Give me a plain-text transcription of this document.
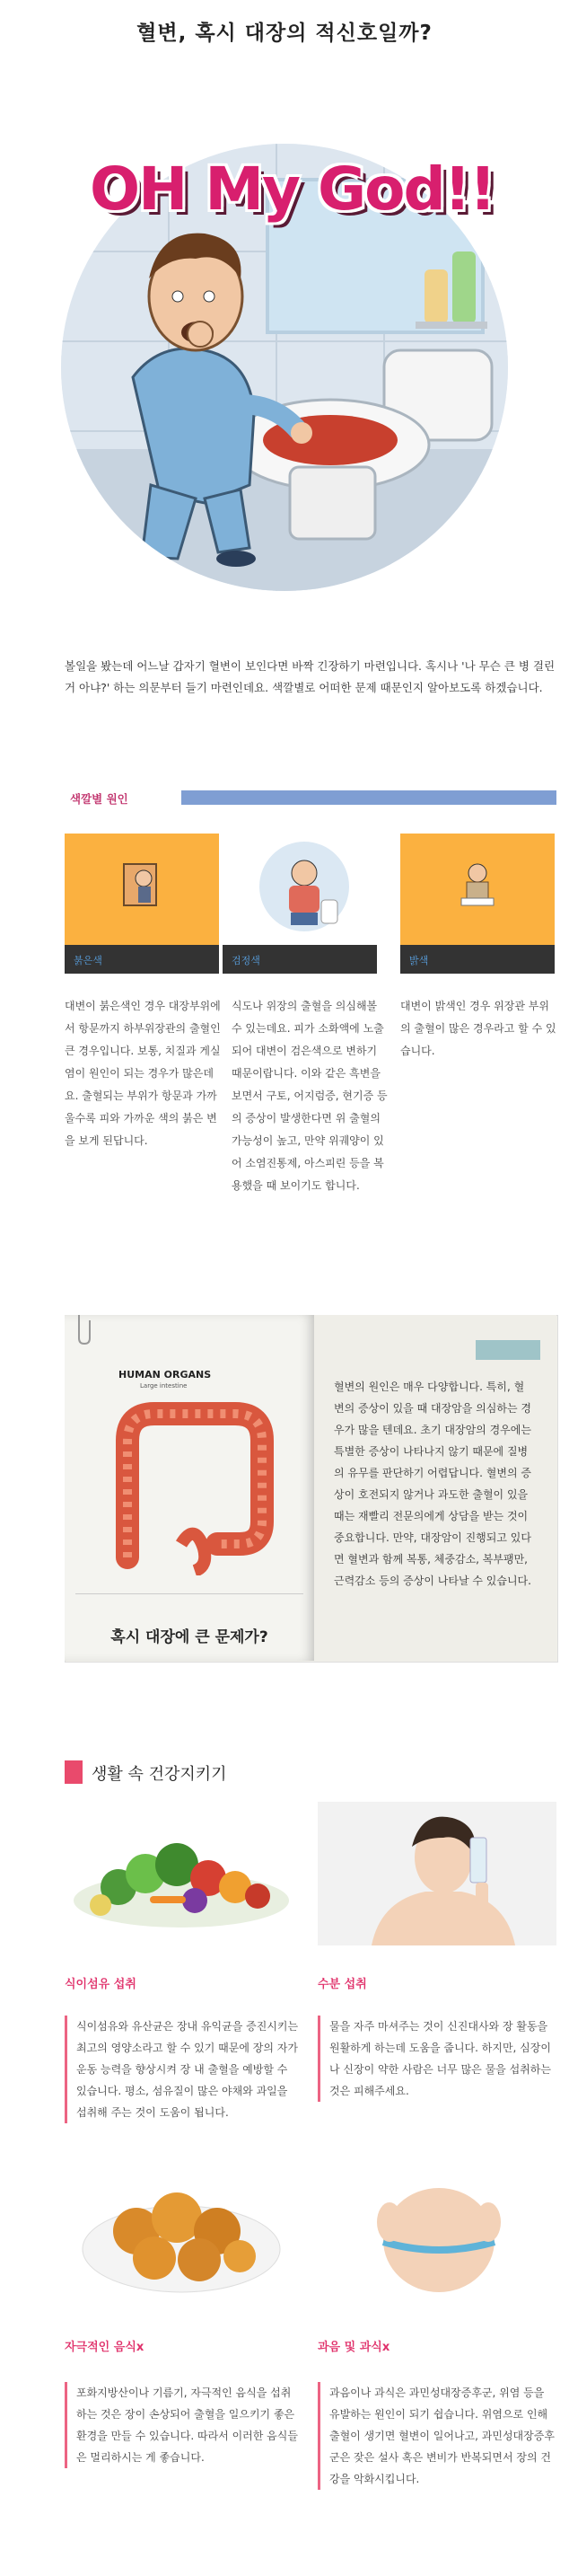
혈변, 혹시 대장의 적신호일까?
OH My God!!
볼일을 봤는데 어느날 갑자기 혈변이 보인다면 바짝 긴장하기 마련입니다. 혹시나 '나 무슨 큰 병 걸린거 아냐?' 하는 의문부터 들기 마련인데요. 색깔별로 어떠한 문제 때문인지 알아보도록 하겠습니다.
색깔별 원인
붉은색	검정색	밝색
대변이 붉은색인 경우 대장부위에서 항문까지 하부위장관의 출혈인 큰 경우입니다. 보통, 치질과 게실염이 원인이 되는 경우가 많은데요. 출혈되는 부위가 항문과 가까울수록 피와 가까운 색의 붉은 변을 보게 된답니다.
식도나 위장의 출혈을 의심해볼 수 있는데요. 피가 소화액에 노출되어 대변이 검은색으로 변하기 때문이랍니다. 이와 같은 흑변을 보면서 구토, 어지럼증, 현기증 등의 증상이 발생한다면 위 출혈의 가능성이 높고, 만약 위궤양이 있어 소염진통제, 아스피린 등을 복용했을 때 보이기도 합니다.
대변이 밝색인 경우 위장관 부위의 출혈이 많은 경우라고 할 수 있습니다.
HUMAN ORGANS
Large intestine	혈변의 원인은 매우 다양합니다. 특히, 혈변의 증상이 있을 때 대장암을 의심하는 경우가 많을 텐데요. 초기 대장암의 경우에는 특별한 증상이 나타나지 않기 때문에 질병의 유무를 판단하기 어렵답니다. 혈변의 증상이 호전되지 않거나 과도한 출혈이 있을 때는 재빨리 전문의에게 상담을 받는 것이 중요합니다. 만약, 대장암이 진행되고 있다면 혈변과 함께 복통, 체중감소, 복부팽만, 근력감소 등의 증상이 나타날 수 있습니다.
혹시 대장에 큰 문제가?
생활 속 건강지키기
식이섬유 섭취	수분 섭취
식이섬유와 유산균은 장내 유익균을 증진시키는 최고의 영양소라고 할 수 있기 때문에 장의 자가 운동 능력을 향상시켜 장 내 출혈을 예방할 수 있습니다. 평소, 섬유질이 많은 야채와 과일을 섭취해 주는 것이 도움이 됩니다.
물을 자주 마셔주는 것이 신진대사와 장 활동을 원활하게 하는데 도움을 줍니다. 하지만, 심장이나 신장이 약한 사람은 너무 많은 물을 섭취하는 것은 피해주세요.
자극적인 음식x	과음 및 과식x
포화지방산이나 기름기, 자극적인 음식을 섭취하는 것은 장이 손상되어 출혈을 일으키기 좋은 환경을 만들 수 있습니다. 따라서 이러한 음식들은 멀리하시는 게 좋습니다.
과음이나 과식은 과민성대장증후군, 위염 등을 유발하는 원인이 되기 쉽습니다. 위염으로 인해 출혈이 생기면 혈변이 일어나고, 과민성대장증후군은 잦은 설사 혹은 변비가 반복되면서 장의 건강을 악화시킵니다.
